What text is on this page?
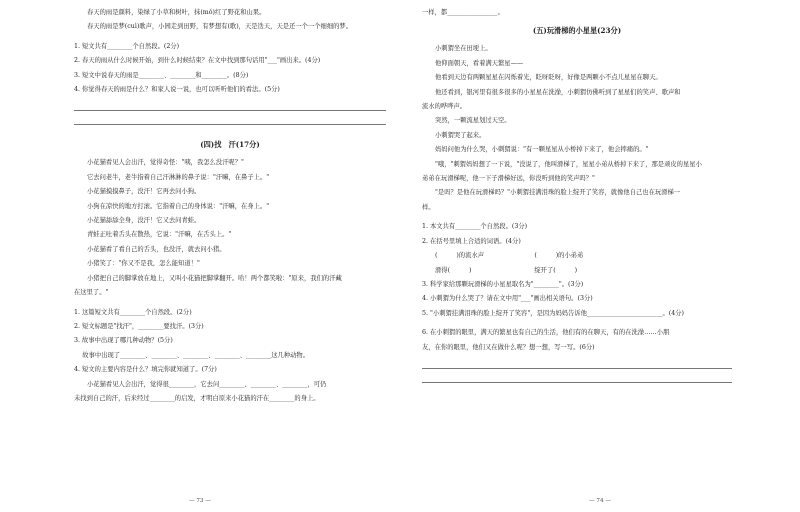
春天的雨是颜料，染绿了小草和树叶，抹(mǒ)红了野花和山果。

春天的雨是梦(cuì)歌声，小园走到田野，有梦想有(歌)，天是迭天，天是还一个一个细细的梦。

1. 短文共有________个自然段。(2分)

2. 春天的雨从什么时候开始，到什么时候结束？在文中找到那句话用"___"画出来。(4分)

3. 短文中说春天的雨是________、________和________。(8分)

4. 你觉得春天的雨是什么？和家人说一说，也可以听听他们的看法。(5分)

(四)找　汗(17分)

小花猫看见人会出汗，觉得奇怪："咦，我怎么没汗呢？"

它去问老牛，老牛指着自己汗淋淋的鼻子说："汗嘛，在鼻子上。"

小花猫摸摸鼻子，没汗！它再去问小狗。

小狗在凉快的地方打滚。它指着自己的身体说："汗嘛，在身上。"

小花猫舔舔全身，没汗！它又去问青蛙。

青蛙正吐着舌头在散热，它说："汗嘛，在舌头上。"

小花猫看了看自己的舌头，也没汗，就去问小猪。

小猪笑了："你又不是我，怎么能知道！"

小猪把自己的脚掌放在地上，又叫小花猫把脚掌翻开。哈！两个都笑啦："原来，我们的汗藏

在这里了。"

1. 这篇短文共有________个自然段。(2分)

2. 短文标题是"找汗"，________要找汗。(3分)

3. 故事中出现了哪几种动物？(5分)

　 故事中出现了________、________、________、________、________这几种动物。

4. 短文的主要内容是什么？填完你就知道了。(7分)

小花猫看见人会出汗，觉得很________，它去问________、________、________，可仍

未找到自己的汗，后来经过________的启发，才明白原来小花猫的汗在________的身上。

— 73 —

一样，都________________。

(五)玩滑梯的小星星(23分)

小刺猬坐在田埂上。

他仰面朝天，看着满天繁星——

他看到天边有两颗星星在闪烁着光，眨呀眨呀，好像是两颗小不点儿星星在聊天。

他还看到，银河里有很多很多的小星星在洗澡，小刺猬仿佛听到了星星们的笑声、歌声和

流水的哗哗声。

突然，一颗流星划过天空。

小刺猬哭了起来。

妈妈问他为什么哭，小刺猬说："有一颗星星从小桥掉下来了，他会摔痛的。"

"哦，"刺猬妈妈想了一下说，"没说了，他叫滑梯了，星星小弟从桥掉下来了，那是顽皮的星星小

弟弟在玩滑梯呢，他一下子滑梯好远，你没听到他的笑声吗？"

"是吗？是他在玩滑梯吗？"小刺猬挂满泪珠的脸上绽开了笑容，就像他自己也在玩滑梯一

样。

1. 本文共有________个自然段。(3分)

2. 在括号里填上合适的词语。(4分)

(　　　)的流水声　　　　　　　　(　　　)的小弟弟

滑得(　　　)　　　　　　　　　　绽开了(　　　)

3. 科学家给那颗玩滑梯的小星星取名为"________"。(3分)

4. 小刺猬为什么哭了？请在文中用"___"画出相关语句。(3分)

5. "小刺猬挂满泪珠的脸上绽开了笑容"，是因为妈妈告诉他________________________。(4分)

6. 在小刺猬的眼里，满天的繁星也有自己的生活，他们有的在聊天，有的在洗澡……小朋

友，在你的眼里，他们又在做什么呢？想一想，写一写。(6分)

— 74 —
